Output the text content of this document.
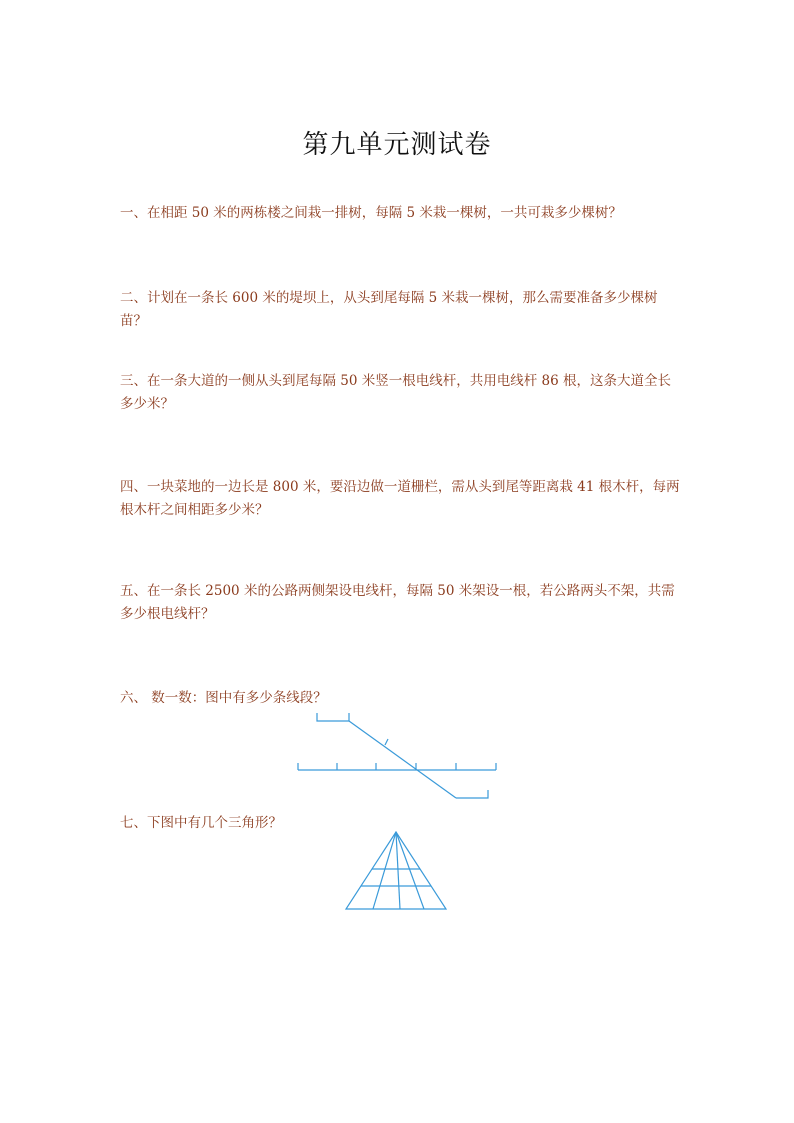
第九单元测试卷
一、在相距 50 米的两栋楼之间栽一排树，每隔 5 米栽一棵树，一共可栽多少棵树？
二、计划在一条长 600 米的堤坝上，从头到尾每隔 5 米栽一棵树，那么需要准备多少棵树苗？
三、在一条大道的一侧从头到尾每隔 50 米竖一根电线杆，共用电线杆 86 根，这条大道全长多少米？
四、一块菜地的一边长是 800 米，要沿边做一道栅栏，需从头到尾等距离栽 41 根木杆，每两根木杆之间相距多少米？
五、在一条长 2500 米的公路两侧架设电线杆，每隔 50 米架设一根，若公路两头不架，共需多少根电线杆？
六、 数一数：图中有多少条线段？
七、下图中有几个三角形？
